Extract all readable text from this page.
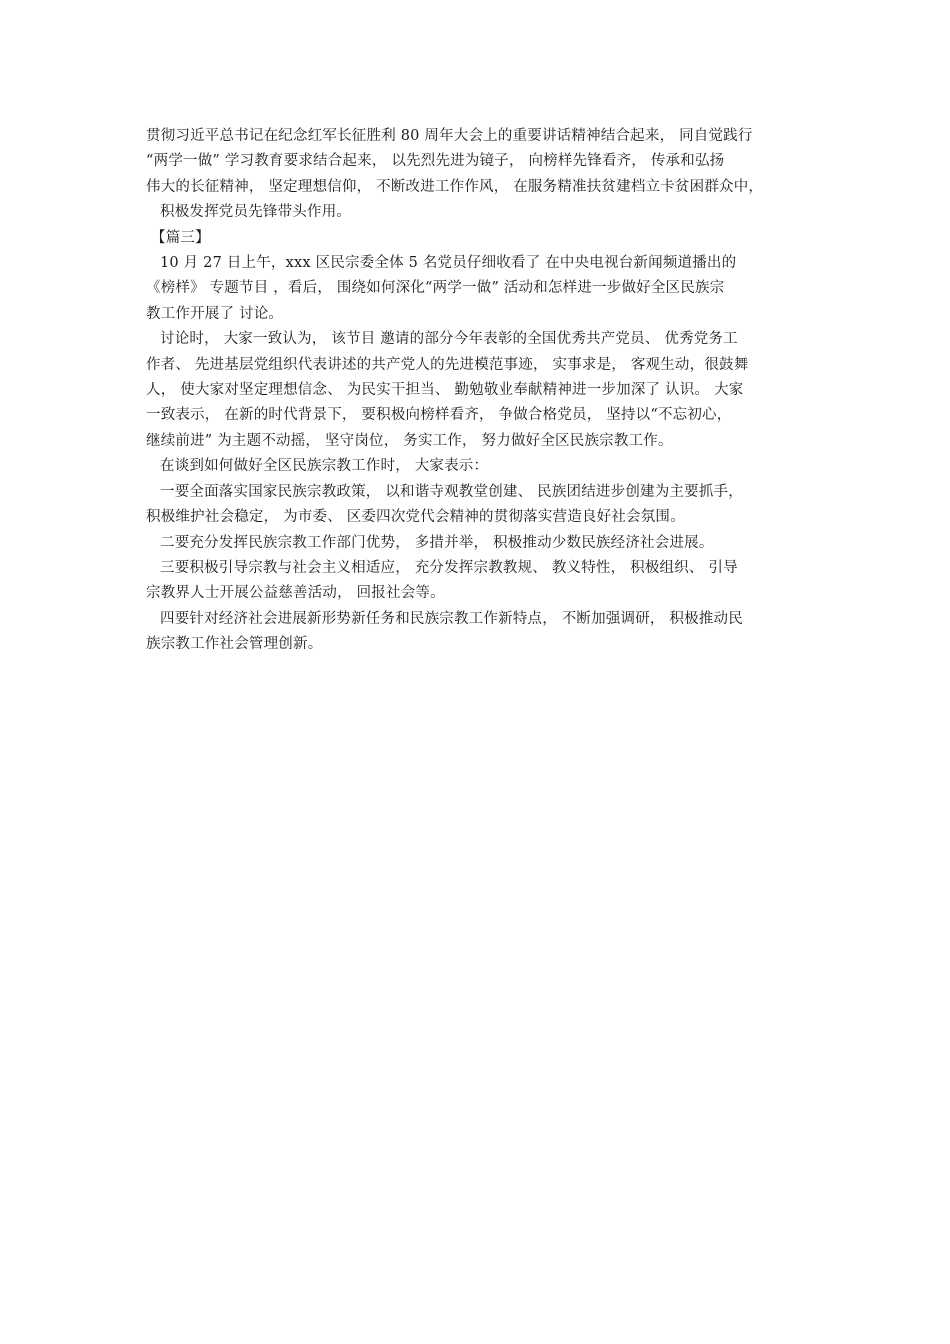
贯彻习近平总书记在纪念红军长征胜利 80 周年大会上的重要讲话精神结合起来， 同自觉践行
“两学一做” 学习教育要求结合起来， 以先烈先进为镜子， 向榜样先锋看齐， 传承和弘扬
伟大的长征精神， 坚定理想信仰， 不断改进工作作风， 在服务精准扶贫建档立卡贫困群众中，
积极发挥党员先锋带头作用。
【篇三】
10 月 27 日上午，xxx 区民宗委全体 5 名党员仔细收看了 在中央电视台新闻频道播出的
《榜样》 专题节目 ，看后， 围绕如何深化“两学一做” 活动和怎样进一步做好全区民族宗
教工作开展了 讨论。
讨论时， 大家一致认为， 该节目 邀请的部分今年表彰的全国优秀共产党员、 优秀党务工
作者、 先进基层党组织代表讲述的共产党人的先进模范事迹， 实事求是， 客观生动，很鼓舞
人， 使大家对坚定理想信念、 为民实干担当、 勤勉敬业奉献精神进一步加深了 认识。 大家
一致表示， 在新的时代背景下， 要积极向榜样看齐， 争做合格党员， 坚持以“不忘初心，
继续前进” 为主题不动摇， 坚守岗位， 务实工作， 努力做好全区民族宗教工作。
在谈到如何做好全区民族宗教工作时， 大家表示：
一要全面落实国家民族宗教政策， 以和谐寺观教堂创建、 民族团结进步创建为主要抓手，
积极维护社会稳定， 为市委、 区委四次党代会精神的贯彻落实营造良好社会氛围。
二要充分发挥民族宗教工作部门优势， 多措并举， 积极推动少数民族经济社会进展。
三要积极引导宗教与社会主义相适应， 充分发挥宗教教规、 教义特性， 积极组织、 引导
宗教界人士开展公益慈善活动， 回报社会等。
四要针对经济社会进展新形势新任务和民族宗教工作新特点， 不断加强调研， 积极推动民
族宗教工作社会管理创新。
